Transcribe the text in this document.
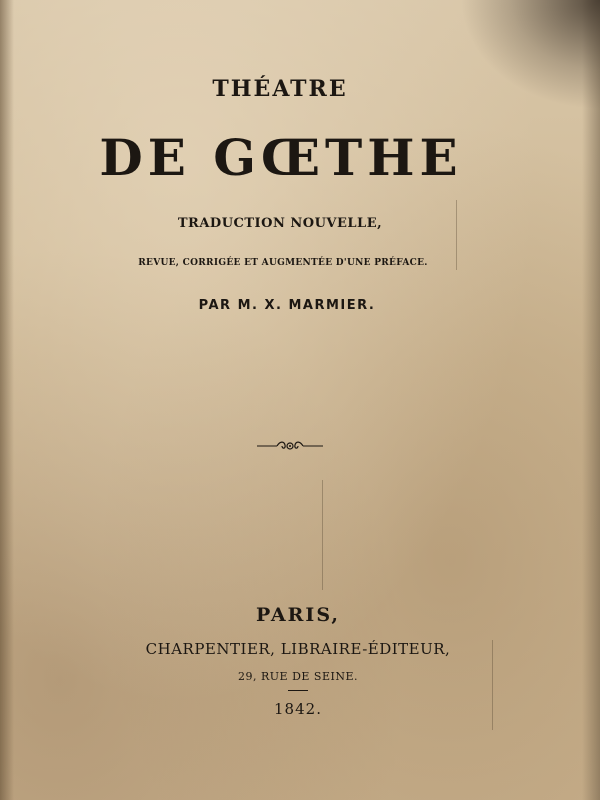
THÉATRE
DE GŒTHE
TRADUCTION NOUVELLE,
REVUE, CORRIGÉE ET AUGMENTÉE D'UNE PRÉFACE.
PAR M. X. MARMIER.
PARIS,
CHARPENTIER, LIBRAIRE-ÉDITEUR,
29, RUE DE SEINE.
1842.
